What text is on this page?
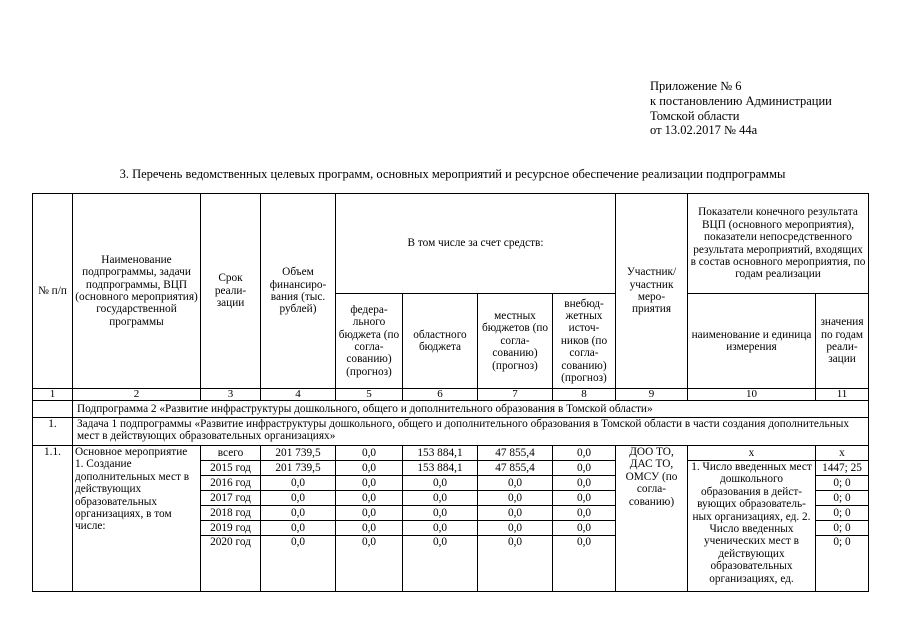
Приложение № 6
к постановлению Администрации
Томской области
от 13.02.2017 № 44а
3. Перечень ведомственных целевых программ, основных мероприятий и ресурсное обеспечение реализации подпрограммы
№ п/п	Наименование подпрограммы, задачи подпрограммы, ВЦП (основного мероприятия) государственной программы	Срок реали- зации	Объем финансиро- вания (тыс. рублей)	В том числе за счет средств:				Участник/ участник меро- приятия	Показатели конечного результата ВЦП (основного мероприятия), показатели непосредственного результата мероприятий, входящих в состав основного мероприятия, по годам реализации	
				федера- льного бюджета (по согла- сованию) (прогноз)	областного бюджета	местных бюджетов (по согла- сованию) (прогноз)	внебюд- жетных источ- ников (по согла- сованию) (прогноз)		наименование и единица измерения	значения по годам реали- зации
1	2	3	4	5	6	7	8	9	10	11
	Подпрограмма 2 «Развитие инфраструктуры дошкольного, общего и дополнительного образования в Томской области»									
1.	Задача 1 подпрограммы «Развитие инфраструктуры дошкольного, общего и дополнительного образования в Томской области в части создания дополнительных мест в действующих образовательных организациях»									
1.1.	Основное мероприятие 1. Создание дополнительных мест в действующих образовательных организациях, в том числе:	всего	201 739,5	0,0	153 884,1	47 855,4	0,0	ДОО ТО, ДАС ТО, ОМСУ (по согла- сованию)	х	х
		2015 год	201 739,5	0,0	153 884,1	47 855,4	0,0		1. Число введенных мест дошкольного образования в дейст- вующих образователь- ных организациях, ед. 2. Число введенных ученических мест в действующих образовательных организациях, ед.	1447; 25
		2016 год	0,0	0,0	0,0	0,0	0,0			0; 0
		2017 год	0,0	0,0	0,0	0,0	0,0			0; 0
		2018 год	0,0	0,0	0,0	0,0	0,0			0; 0
		2019 год	0,0	0,0	0,0	0,0	0,0			0; 0
		2020 год	0,0	0,0	0,0	0,0	0,0			0; 0
